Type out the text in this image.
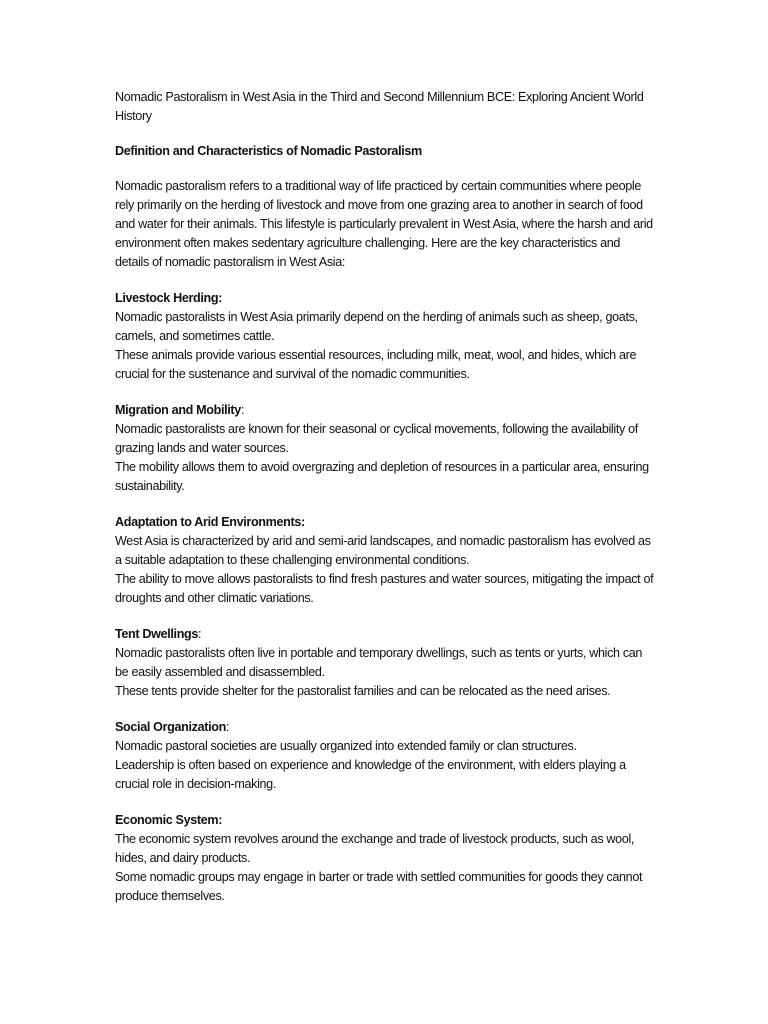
Nomadic Pastoralism in West Asia in the Third and Second Millennium BCE: Exploring Ancient World History

Definition and Characteristics of Nomadic Pastoralism

Nomadic pastoralism refers to a traditional way of life practiced by certain communities where people rely primarily on the herding of livestock and move from one grazing area to another in search of food and water for their animals. This lifestyle is particularly prevalent in West Asia, where the harsh and arid environment often makes sedentary agriculture challenging. Here are the key characteristics and details of nomadic pastoralism in West Asia:

Livestock Herding:

Nomadic pastoralists in West Asia primarily depend on the herding of animals such as sheep, goats, camels, and sometimes cattle.

These animals provide various essential resources, including milk, meat, wool, and hides, which are crucial for the sustenance and survival of the nomadic communities.

Migration and Mobility:

Nomadic pastoralists are known for their seasonal or cyclical movements, following the availability of grazing lands and water sources.

The mobility allows them to avoid overgrazing and depletion of resources in a particular area, ensuring sustainability.

Adaptation to Arid Environments:

West Asia is characterized by arid and semi-arid landscapes, and nomadic pastoralism has evolved as a suitable adaptation to these challenging environmental conditions.

The ability to move allows pastoralists to find fresh pastures and water sources, mitigating the impact of droughts and other climatic variations.

Tent Dwellings:

Nomadic pastoralists often live in portable and temporary dwellings, such as tents or yurts, which can be easily assembled and disassembled.

These tents provide shelter for the pastoralist families and can be relocated as the need arises.

Social Organization:

Nomadic pastoral societies are usually organized into extended family or clan structures.

Leadership is often based on experience and knowledge of the environment, with elders playing a crucial role in decision-making.

Economic System:

The economic system revolves around the exchange and trade of livestock products, such as wool, hides, and dairy products.

Some nomadic groups may engage in barter or trade with settled communities for goods they cannot produce themselves.
